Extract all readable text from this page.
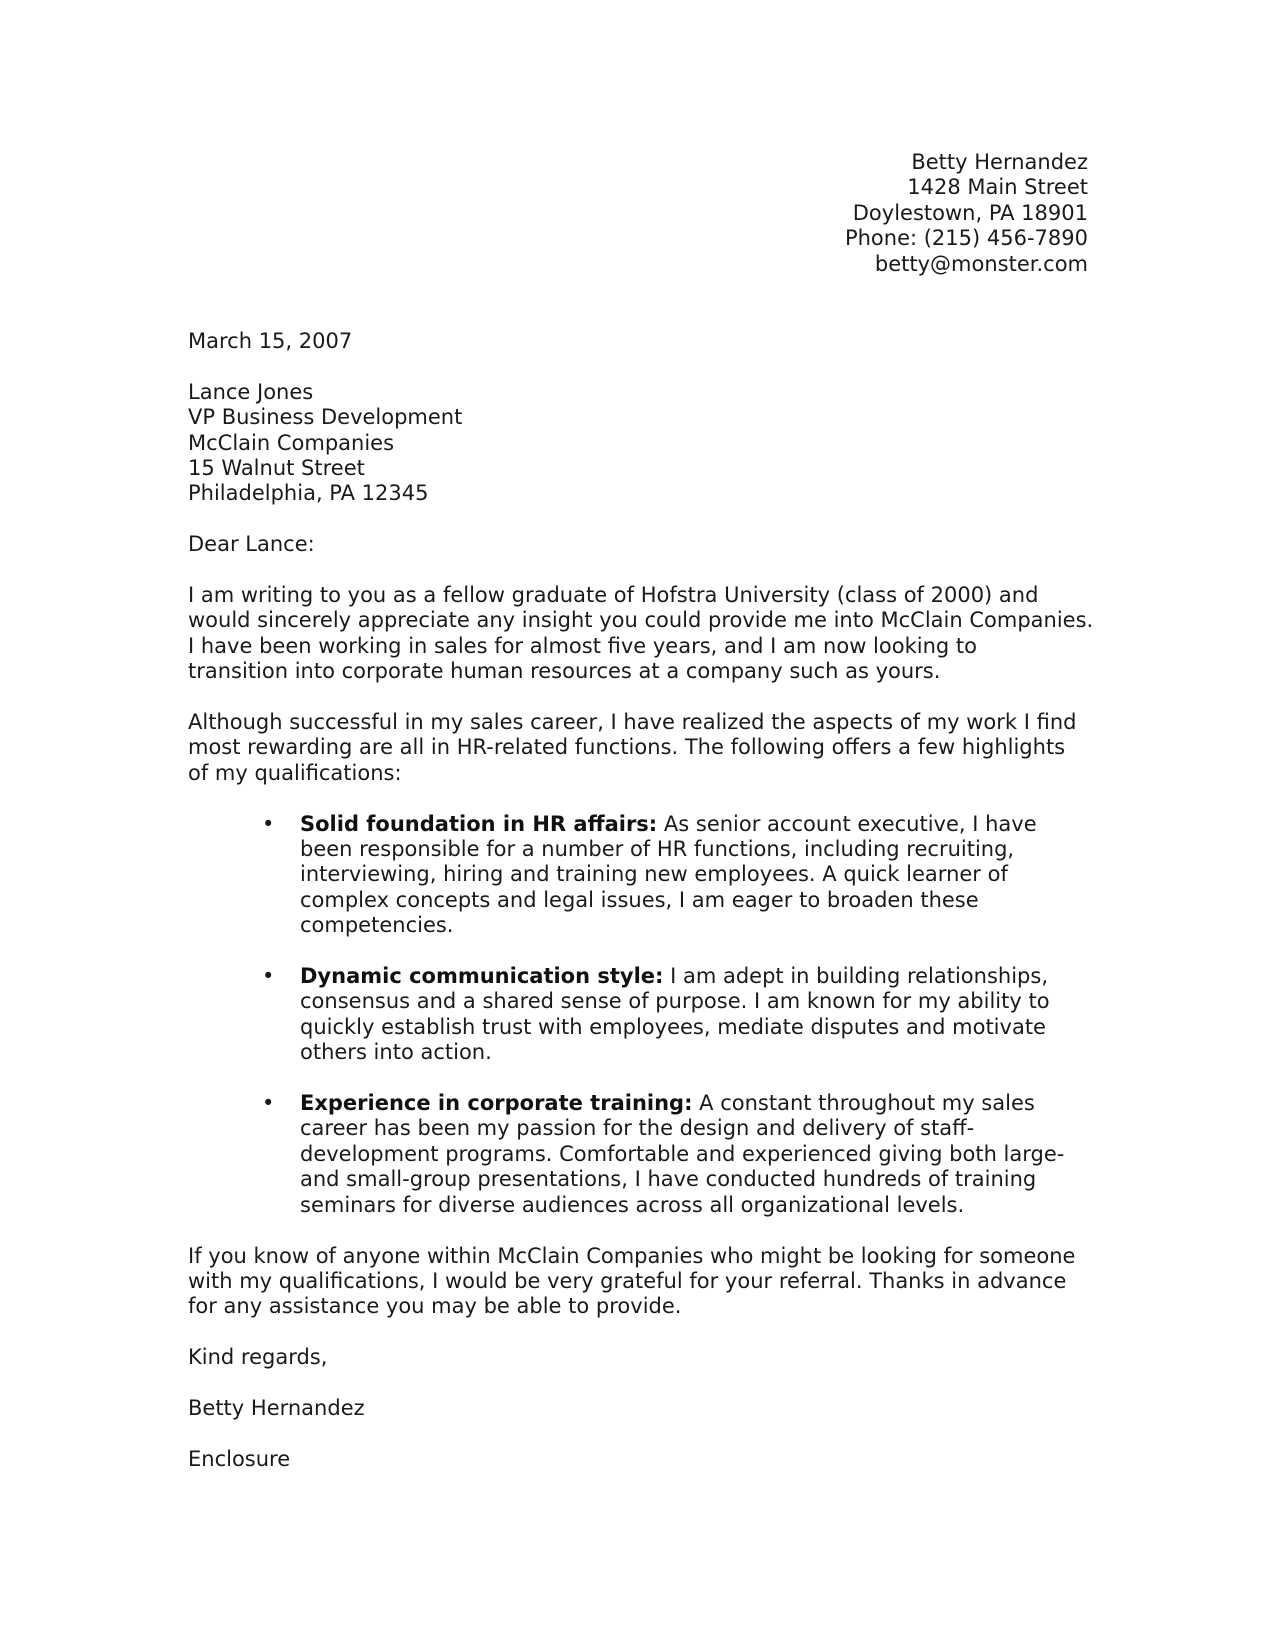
Betty Hernandez
1428 Main Street
Doylestown, PA 18901
Phone: (215) 456-7890
betty@monster.com
March 15, 2007
Lance Jones
VP Business Development
McClain Companies
15 Walnut Street
Philadelphia, PA 12345
Dear Lance:
I am writing to you as a fellow graduate of Hofstra University (class of 2000) and
would sincerely appreciate any insight you could provide me into McClain Companies.
I have been working in sales for almost five years, and I am now looking to
transition into corporate human resources at a company such as yours.
Although successful in my sales career, I have realized the aspects of my work I find
most rewarding are all in HR-related functions. The following offers a few highlights
of my qualifications:
• Solid foundation in HR affairs: As senior account executive, I have
been responsible for a number of HR functions, including recruiting,
interviewing, hiring and training new employees. A quick learner of
complex concepts and legal issues, I am eager to broaden these
competencies.
• Dynamic communication style: I am adept in building relationships,
consensus and a shared sense of purpose. I am known for my ability to
quickly establish trust with employees, mediate disputes and motivate
others into action.
• Experience in corporate training: A constant throughout my sales
career has been my passion for the design and delivery of staff-
development programs. Comfortable and experienced giving both large-
and small-group presentations, I have conducted hundreds of training
seminars for diverse audiences across all organizational levels.
If you know of anyone within McClain Companies who might be looking for someone
with my qualifications, I would be very grateful for your referral. Thanks in advance
for any assistance you may be able to provide.
Kind regards,
Betty Hernandez
Enclosure
